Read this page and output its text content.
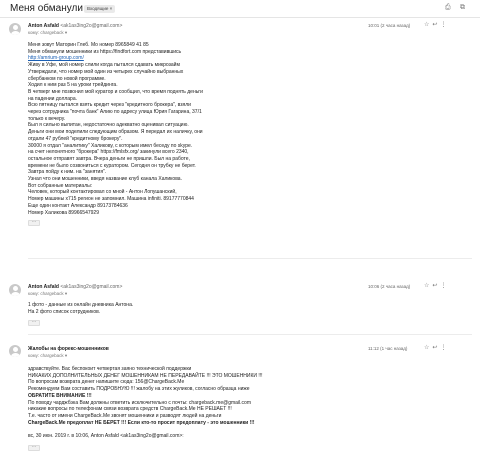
Меня обманули Входящие ×	⎙ ⧉
Anton Asfald <ak1as3ing2o@gmail.com>
кому: chargeback ▾
10:01 (2 часа назад) ☆↩⋮
Меня зовут Маторин Глеб. Мо номер 8965849 41 85
Меня обманули мошенники из https://findfort.com представившись
http://amrium-group.com/
Живу в Уфе, мой номер слили когда пытался сдавать микрозайм
Утверждали, что номер мой один из четырех случайно выбранных
сбербанком по новой программе.
Ходил к ним раз 5 на уроки трейдинга.
В четверг мне позвонил мой куратор и сообщил, что время поднять деньги
на падении доллара.
Всю пятницу пытался взять кредит через "кредитного брокера", взяли
через сотрудника "почта банк" Алию по адресу улица Юрия Гагарина, 37/1
только к вечеру.
Был я сильно выпитан, недостаточно адекватно оценивал ситуацию.
Деньги они мои поделили следующим образом. Я передал их наличку, они
отдали 47 рублей "кредитному брокеру".
30000 я отдал "аналитику" Халикову, с которым имел беседу по skype.
на счет нелонятного "брокера" https://fmlsfx.org/ закинули всего 2340,
остальное отправят завтра. Вчера деньги не пришли. Был на работе,
времени не было созвониться с куратором. Сегодня он трубку не берет.
Завтра пойду к ним. на "занятия".
Узнал что они мошенники, введя название клуб канала Халикова.
Вот собранные материалы:
Человек, который контактировал со мной - Антон Лопушанский,
Номер машины х715 регион не запомнил. Машина infiniti. 89177770844
Еще один контакт Александр 89173784636
Номер Халикова 89966547929
···
Anton Asfald <ak1as3ing2o@gmail.com>
кому: chargeback ▾
10:06 (2 часа назад) ☆↩⋮
1 фото - данные из онлайн дневника Антона.
На 2 фото список сотрудников.
···
Жалобы на форекс-мошенников
кому: chargeback ▾
11:12 (1 час назад)	☆↩⋮
здравствуйте. Вас беспокоит четвертая заяно технической поддержки
НИКАКИХ ДОПОЛНИТЕЛЬНЫХ ДЕНЕГ МОШЕННИКАМ НЕ ПЕРЕДАВАЙТЕ !!! ЭТО МОШЕННИКИ !!!
По вопросам возврата денег напишите сюда: 156@ChargeBack.Me
Рекомендуем Вам составить ПОДРОБНУЮ !!! жалобу на этих жуликов, согласно образца ниже
ОБРАТИТЕ ВНИМАНИЕ !!!
По поводу чарджбэка Вам должны ответить исключительно с почты: chargeback.me@gmail.com
никакие вопросы по телефонам связи возврата средств ChargeBack.Me НЕ РЕШАЕТ !!!
Т.е. часто от имени ChargeBack.Me звонят мошенники и разводят людей на деньги
ChargeBack.Me предоплат НЕ БЕРЕТ !!! Если кто-то просит предоплату - это мошенники !!!

вс, 30 июн. 2019 г. в 10:06, Anton Asfald <ak1as3ing2o@gmail.com>:
···
